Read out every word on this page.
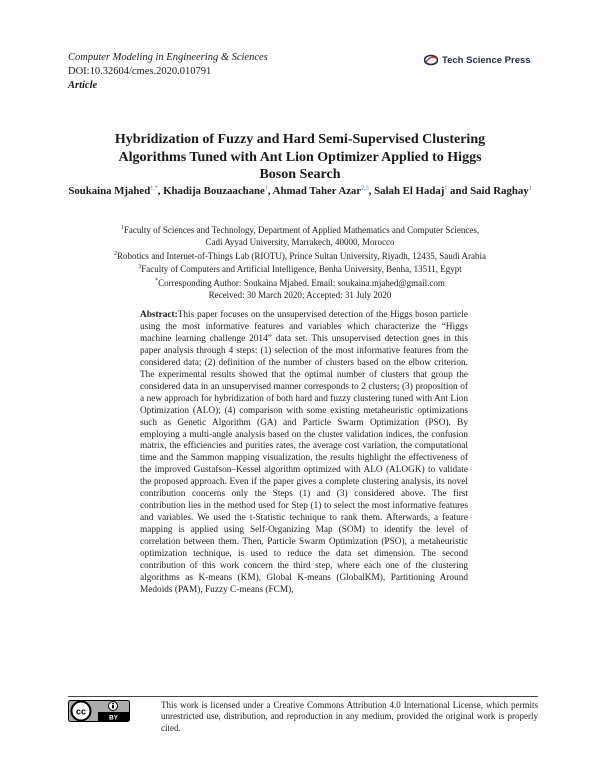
Computer Modeling in Engineering & Sciences
DOI:10.32604/cmes.2020.010791
Article
Tech Science Press
Hybridization of Fuzzy and Hard Semi-Supervised Clustering
Algorithms Tuned with Ant Lion Optimizer Applied to Higgs
Boson Search
Soukaina Mjahed$^{1,*}$, Khadija Bouzaachane$^1$, Ahmad Taher Azar$^{2,3}$, Salah El Hadaj$^1$ and Said Raghay$^1$
$^1$Faculty of Sciences and Technology, Department of Applied Mathematics and Computer Sciences,
Cadi Ayyad University, Marrakech, 40000, Morocco
$^2$Robotics and Internet-of-Things Lab (RIOTU), Prince Sultan University, Riyadh, 12435, Saudi Arabia
$^3$Faculty of Computers and Artificial Intelligence, Benha University, Benha, 13511, Egypt
*Corresponding Author: Soukaina Mjahed. Email: soukaina.mjahed@gmail.com
Received: 30 March 2020; Accepted: 31 July 2020
Abstract:This paper focuses on the unsupervised detection of the Higgs boson particle using the most informative features and variables which characterize the “Higgs machine learning challenge 2014” data set. This unsupervised detection goes in this paper analysis through 4 steps: (1) selection of the most informative features from the considered data; (2) definition of the number of clusters based on the elbow criterion. The experimental results showed that the optimal number of clusters that group the considered data in an unsupervised manner corresponds to 2 clusters; (3) proposition of a new approach for hybridization of both hard and fuzzy clustering tuned with Ant Lion Optimization (ALO); (4) comparison with some existing metaheuristic optimizations such as Genetic Algorithm (GA) and Particle Swarm Optimization (PSO). By employing a multi-angle analysis based on the cluster validation indices, the confusion matrix, the efficiencies and purities rates, the average cost variation, the computational time and the Sammon mapping visualization, the results highlight the effectiveness of the improved Gustafson–Kessel algorithm optimized with ALO (ALOGK) to validate the proposed approach. Even if the paper gives a complete clustering analysis, its novel contribution concerns only the Steps (1) and (3) considered above. The first contribution lies in the method used for Step (1) to select the most informative features and variables. We used the t-Statistic technique to rank them. Afterwards, a feature mapping is applied using Self-Organizing Map (SOM) to identify the level of correlation between them. Then, Particle Swarm Optimization (PSO), a metaheuristic optimization technique, is used to reduce the data set dimension. The second contribution of this work concern the third step, where each one of the clustering algorithms as K-means (KM), Global K-means (GlobalKM), Partitioning Around Medoids (PAM), Fuzzy C-means (FCM),
cc
BY
This work is licensed under a Creative Commons Attribution 4.0 International License, which permits unrestricted use, distribution, and reproduction in any medium, provided the original work is properly cited.
